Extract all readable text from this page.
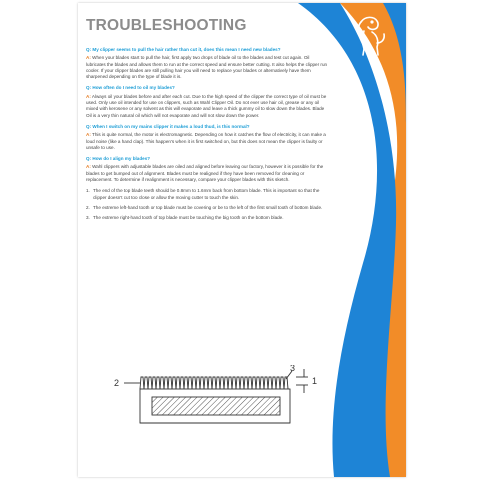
TROUBLESHOOTING

Q: My clipper seems to pull the hair rather than cut it, does this mean I need new blades?

A: When your blades start to pull the hair, first apply two drops of blade oil to the blades and test cut again. Oil lubricates the blades and allows them to run at the correct speed and ensure better cutting. It also helps the clipper run cooler. If your clipper blades are still pulling hair you will need to replace your blades or alternatively have them sharpened depending on the type of blade it is.

Q: How often do I need to oil my blades?

A: Always oil your blades before and after each cut. Due to the high speed of the clipper the correct type of oil must be used. Only use oil intended for use on clippers, such as Wahl Clipper Oil. Do not ever use hair oil, grease or any oil mixed with kerosene or any solvent as this will evaporate and leave a thick gummy oil to slow down the blades. Blade Oil is a very thin natural oil which will not evaporate and will not slow down the power.

Q: When I switch on my mains clipper it makes a loud thud, is this normal?

A: This is quite normal, the motor is electromagnetic. Depending on how it catches the flow of electricity, it can make a loud noise (like a hand clap). This happen's when it is first switched on, but this does not mean the clipper is faulty or unsafe to use.

Q: How do I align my blades?

A: Wahl clippers with adjustable blades are oiled and aligned before leaving our factory, however it is possible for the blades to get bumped out of alignment. Blades must be realigned if they have been removed for cleaning or replacement. To determine if realignment is necessary, compare your clipper blades with this sketch.

1. The end of the top blade teeth should be 0.8mm to 1.6mm back from bottom blade. This is important so that the clipper doesn't cut too close or allow the moving cutter to touch the skin.
2. The extreme left-hand tooth or top blade must be covering or be to the left of the first small tooth of bottom blade.
3. The extreme right-hand tooth of top blade must be touching the big tooth on the bottom blade.
2
3
1
